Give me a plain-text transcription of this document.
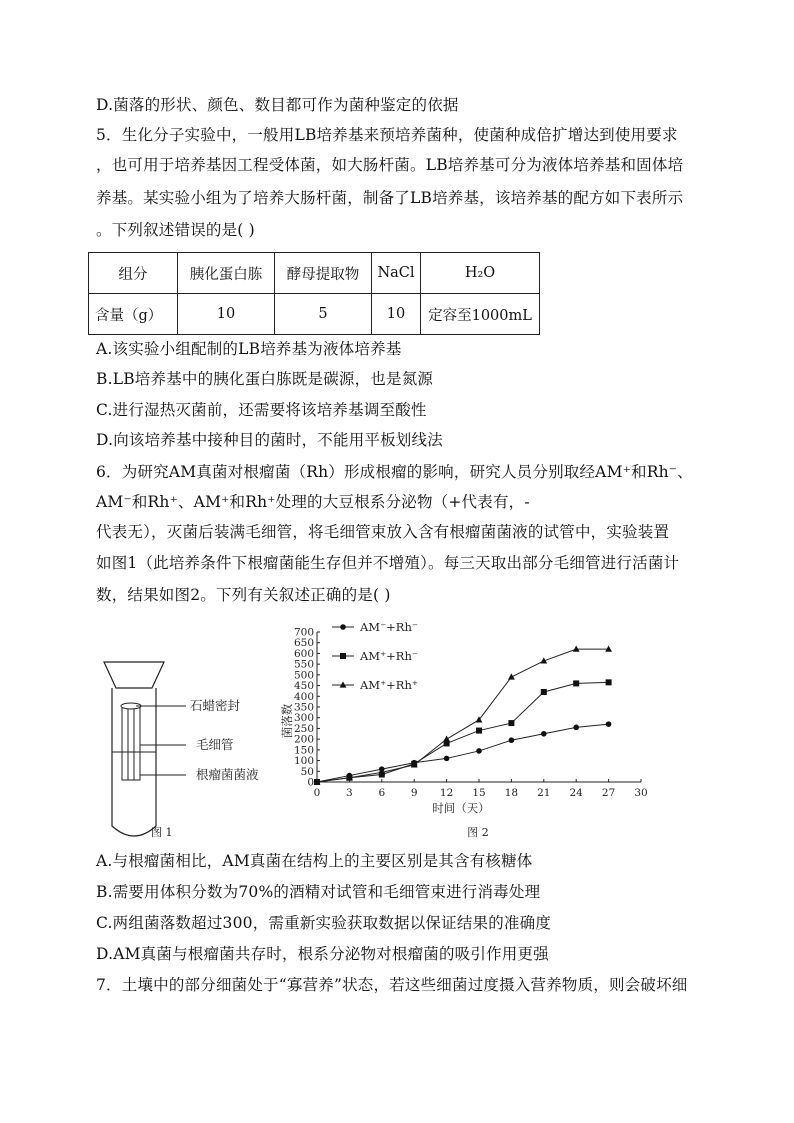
D.菌落的形状、颜色、数目都可作为菌种鉴定的依据
5．生化分子实验中，一般用LB培养基来预培养菌种，使菌种成倍扩增达到使用要求
，也可用于培养基因工程受体菌，如大肠杆菌。LB培养基可分为液体培养基和固体培
养基。某实验小组为了培养大肠杆菌，制备了LB培养基，该培养基的配方如下表所示
。下列叙述错误的是( )
组分	胰化蛋白胨	酵母提取物	NaCl	H₂O
含量（g）	10	5	10	定容至1000mL
A.该实验小组配制的LB培养基为液体培养基
B.LB培养基中的胰化蛋白胨既是碳源，也是氮源
C.进行湿热灭菌前，还需要将该培养基调至酸性
D.向该培养基中接种目的菌时，不能用平板划线法
6．为研究AM真菌对根瘤菌（Rh）形成根瘤的影响，研究人员分别取经AM⁺和Rh⁻、
AM⁻和Rh⁺、AM⁺和Rh⁺处理的大豆根系分泌物（+代表有，-
代表无），灭菌后装满毛细管，将毛细管束放入含有根瘤菌菌液的试管中，实验装置
如图1（此培养条件下根瘤菌能生存但并不增殖）。每三天取出部分毛细管进行活菌计
数，结果如图2。下列有关叙述正确的是( )
石蜡密封
毛细管
根瘤菌菌液
图 1
0 3 6 9 12 15 18 21 24 27 30
0
50
100
150
200
250
300
350
400
450
500
550
600
650
700
时间（天）
菌落数
图 2
AM⁻+Rh⁻
AM⁺+Rh⁻
AM⁺+Rh⁺
A.与根瘤菌相比，AM真菌在结构上的主要区别是其含有核糖体
B.需要用体积分数为70%的酒精对试管和毛细管束进行消毒处理
C.两组菌落数超过300，需重新实验获取数据以保证结果的准确度
D.AM真菌与根瘤菌共存时，根系分泌物对根瘤菌的吸引作用更强
7．土壤中的部分细菌处于“寡营养”状态，若这些细菌过度摄入营养物质，则会破坏细
